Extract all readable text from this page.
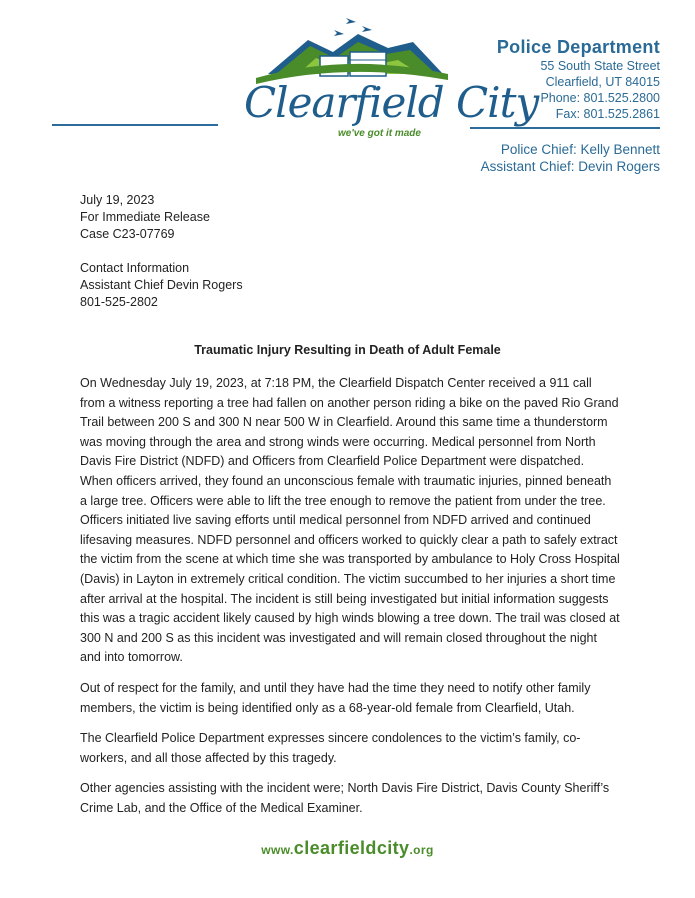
Clearfield City
we've got it made
Police Department
55 South State Street
Clearfield, UT 84015
Phone: 801.525.2800
Fax: 801.525.2861
Police Chief: Kelly Bennett
Assistant Chief: Devin Rogers
July 19, 2023
For Immediate Release
Case C23-07769
Contact Information
Assistant Chief Devin Rogers
801-525-2802
Traumatic Injury Resulting in Death of Adult Female

On Wednesday July 19, 2023, at 7:18 PM, the Clearfield Dispatch Center received a 911 call from a witness reporting a tree had fallen on another person riding a bike on the paved Rio Grand Trail between 200 S and 300 N near 500 W in Clearfield. Around this same time a thunderstorm was moving through the area and strong winds were occurring. Medical personnel from North Davis Fire District (NDFD) and Officers from Clearfield Police Department were dispatched. When officers arrived, they found an unconscious female with traumatic injuries, pinned beneath a large tree. Officers were able to lift the tree enough to remove the patient from under the tree. Officers initiated live saving efforts until medical personnel from NDFD arrived and continued lifesaving measures. NDFD personnel and officers worked to quickly clear a path to safely extract the victim from the scene at which time she was transported by ambulance to Holy Cross Hospital (Davis) in Layton in extremely critical condition. The victim succumbed to her injuries a short time after arrival at the hospital. The incident is still being investigated but initial information suggests this was a tragic accident likely caused by high winds blowing a tree down. The trail was closed at 300 N and 200 S as this incident was investigated and will remain closed throughout the night and into tomorrow.

Out of respect for the family, and until they have had the time they need to notify other family members, the victim is being identified only as a 68-year-old female from Clearfield, Utah.

The Clearfield Police Department expresses sincere condolences to the victim’s family, co-workers, and all those affected by this tragedy.

Other agencies assisting with the incident were; North Davis Fire District, Davis County Sheriff’s Crime Lab, and the Office of the Medical Examiner.

www.clearfieldcity.org
